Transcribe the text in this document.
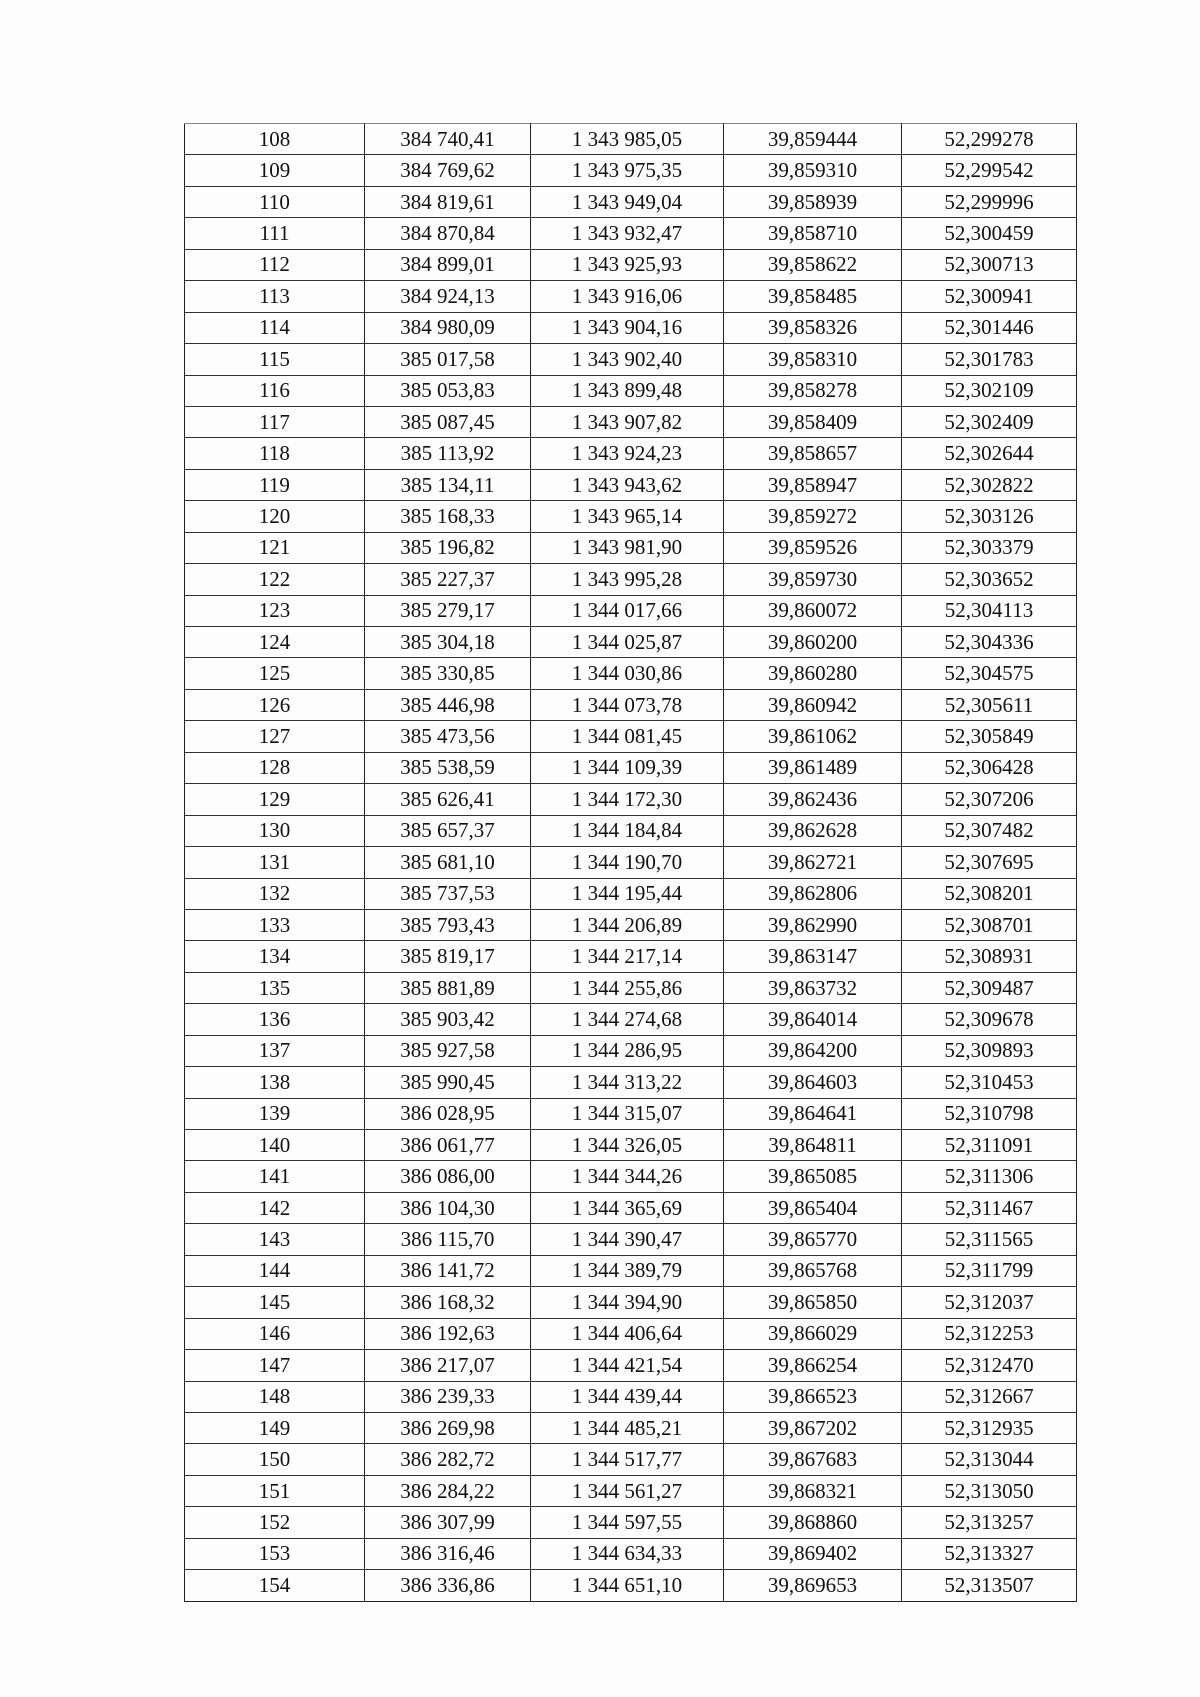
108	384 740,41	1 343 985,05	39,859444	52,299278
109	384 769,62	1 343 975,35	39,859310	52,299542
110	384 819,61	1 343 949,04	39,858939	52,299996
111	384 870,84	1 343 932,47	39,858710	52,300459
112	384 899,01	1 343 925,93	39,858622	52,300713
113	384 924,13	1 343 916,06	39,858485	52,300941
114	384 980,09	1 343 904,16	39,858326	52,301446
115	385 017,58	1 343 902,40	39,858310	52,301783
116	385 053,83	1 343 899,48	39,858278	52,302109
117	385 087,45	1 343 907,82	39,858409	52,302409
118	385 113,92	1 343 924,23	39,858657	52,302644
119	385 134,11	1 343 943,62	39,858947	52,302822
120	385 168,33	1 343 965,14	39,859272	52,303126
121	385 196,82	1 343 981,90	39,859526	52,303379
122	385 227,37	1 343 995,28	39,859730	52,303652
123	385 279,17	1 344 017,66	39,860072	52,304113
124	385 304,18	1 344 025,87	39,860200	52,304336
125	385 330,85	1 344 030,86	39,860280	52,304575
126	385 446,98	1 344 073,78	39,860942	52,305611
127	385 473,56	1 344 081,45	39,861062	52,305849
128	385 538,59	1 344 109,39	39,861489	52,306428
129	385 626,41	1 344 172,30	39,862436	52,307206
130	385 657,37	1 344 184,84	39,862628	52,307482
131	385 681,10	1 344 190,70	39,862721	52,307695
132	385 737,53	1 344 195,44	39,862806	52,308201
133	385 793,43	1 344 206,89	39,862990	52,308701
134	385 819,17	1 344 217,14	39,863147	52,308931
135	385 881,89	1 344 255,86	39,863732	52,309487
136	385 903,42	1 344 274,68	39,864014	52,309678
137	385 927,58	1 344 286,95	39,864200	52,309893
138	385 990,45	1 344 313,22	39,864603	52,310453
139	386 028,95	1 344 315,07	39,864641	52,310798
140	386 061,77	1 344 326,05	39,864811	52,311091
141	386 086,00	1 344 344,26	39,865085	52,311306
142	386 104,30	1 344 365,69	39,865404	52,311467
143	386 115,70	1 344 390,47	39,865770	52,311565
144	386 141,72	1 344 389,79	39,865768	52,311799
145	386 168,32	1 344 394,90	39,865850	52,312037
146	386 192,63	1 344 406,64	39,866029	52,312253
147	386 217,07	1 344 421,54	39,866254	52,312470
148	386 239,33	1 344 439,44	39,866523	52,312667
149	386 269,98	1 344 485,21	39,867202	52,312935
150	386 282,72	1 344 517,77	39,867683	52,313044
151	386 284,22	1 344 561,27	39,868321	52,313050
152	386 307,99	1 344 597,55	39,868860	52,313257
153	386 316,46	1 344 634,33	39,869402	52,313327
154	386 336,86	1 344 651,10	39,869653	52,313507
